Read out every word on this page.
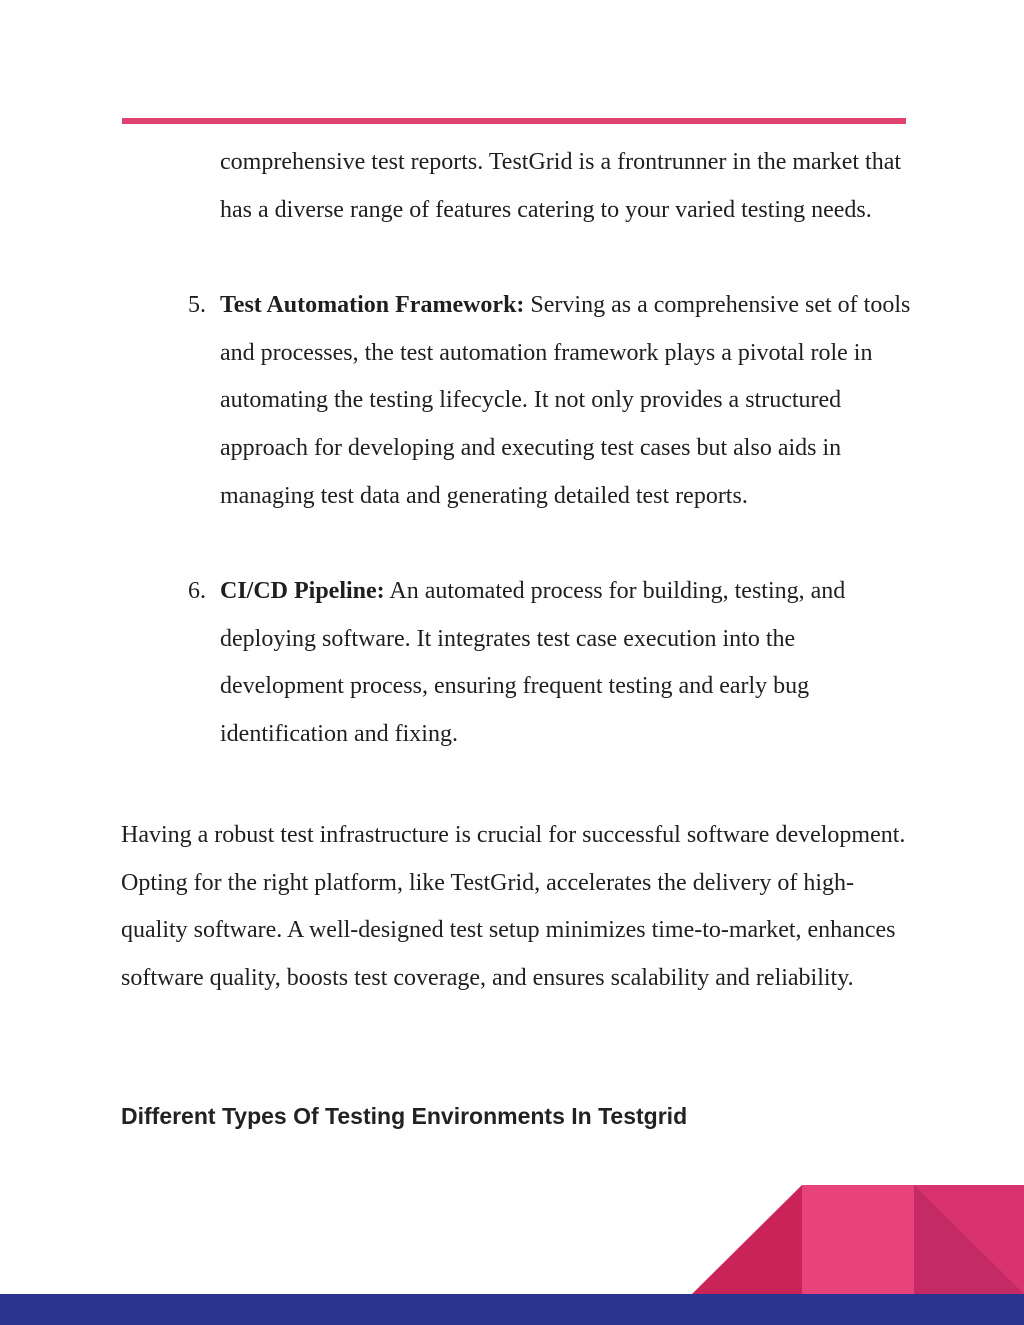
comprehensive test reports. TestGrid is a frontrunner in the market that has a diverse range of features catering to your varied testing needs.

5. Test Automation Framework: Serving as a comprehensive set of tools and processes, the test automation framework plays a pivotal role in automating the testing lifecycle. It not only provides a structured approach for developing and executing test cases but also aids in managing test data and generating detailed test reports.
6. CI/CD Pipeline: An automated process for building, testing, and deploying software. It integrates test case execution into the development process, ensuring frequent testing and early bug identification and fixing.

Having a robust test infrastructure is crucial for successful software development. Opting for the right platform, like TestGrid, accelerates the delivery of high-quality software. A well-designed test setup minimizes time-to-market, enhances software quality, boosts test coverage, and ensures scalability and reliability.

Different Types Of Testing Environments In Testgrid
